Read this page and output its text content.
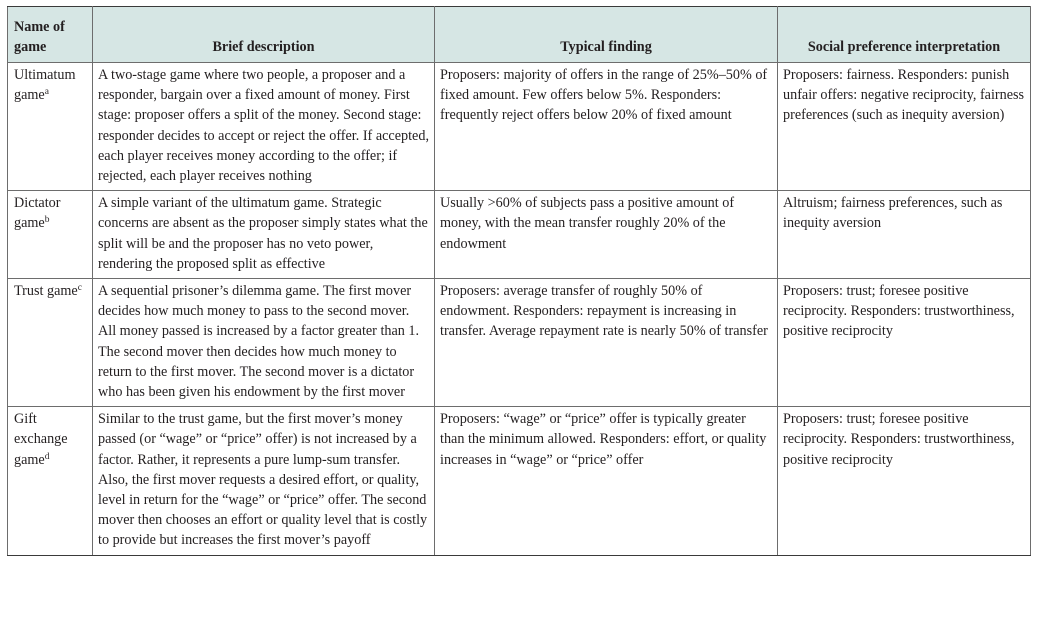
Name of game	Brief description	Typical finding	Social preference interpretation
Ultimatum game$^a$	A two-stage game where two people, a proposer and a responder, bargain over a fixed amount of money. First stage: proposer offers a split of the money. Second stage: responder decides to accept or reject the offer. If accepted, each player receives money according to the offer; if rejected, each player receives nothing	Proposers: majority of offers in the range of 25%–50% of fixed amount. Few offers below 5%. Responders: frequently reject offers below 20% of fixed amount	Proposers: fairness. Responders: punish unfair offers: negative reciprocity, fairness preferences (such as inequity aversion)
Dictator game$^b$	A simple variant of the ultimatum game. Strategic concerns are absent as the proposer simply states what the split will be and the proposer has no veto power, rendering the proposed split as effective	Usually >60% of subjects pass a positive amount of money, with the mean transfer roughly 20% of the endowment	Altruism; fairness preferences, such as inequity aversion
Trust game$^c$	A sequential prisoner’s dilemma game. The first mover decides how much money to pass to the second mover. All money passed is increased by a factor greater than 1. The second mover then decides how much money to return to the first mover. The second mover is a dictator who has been given his endowment by the first mover	Proposers: average transfer of roughly 50% of endowment. Responders: repayment is increasing in transfer. Average repayment rate is nearly 50% of transfer	Proposers: trust; foresee positive reciprocity. Responders: trustworthiness, positive reciprocity
Gift exchange game$^d$	Similar to the trust game, but the first mover’s money passed (or “wage” or “price” offer) is not increased by a factor. Rather, it represents a pure lump-sum transfer. Also, the first mover requests a desired effort, or quality, level in return for the “wage” or “price” offer. The second mover then chooses an effort or quality level that is costly to provide but increases the first mover’s payoff	Proposers: “wage” or “price” offer is typically greater than the minimum allowed. Responders: effort, or quality increases in “wage” or “price” offer	Proposers: trust; foresee positive reciprocity. Responders: trustworthiness, positive reciprocity
